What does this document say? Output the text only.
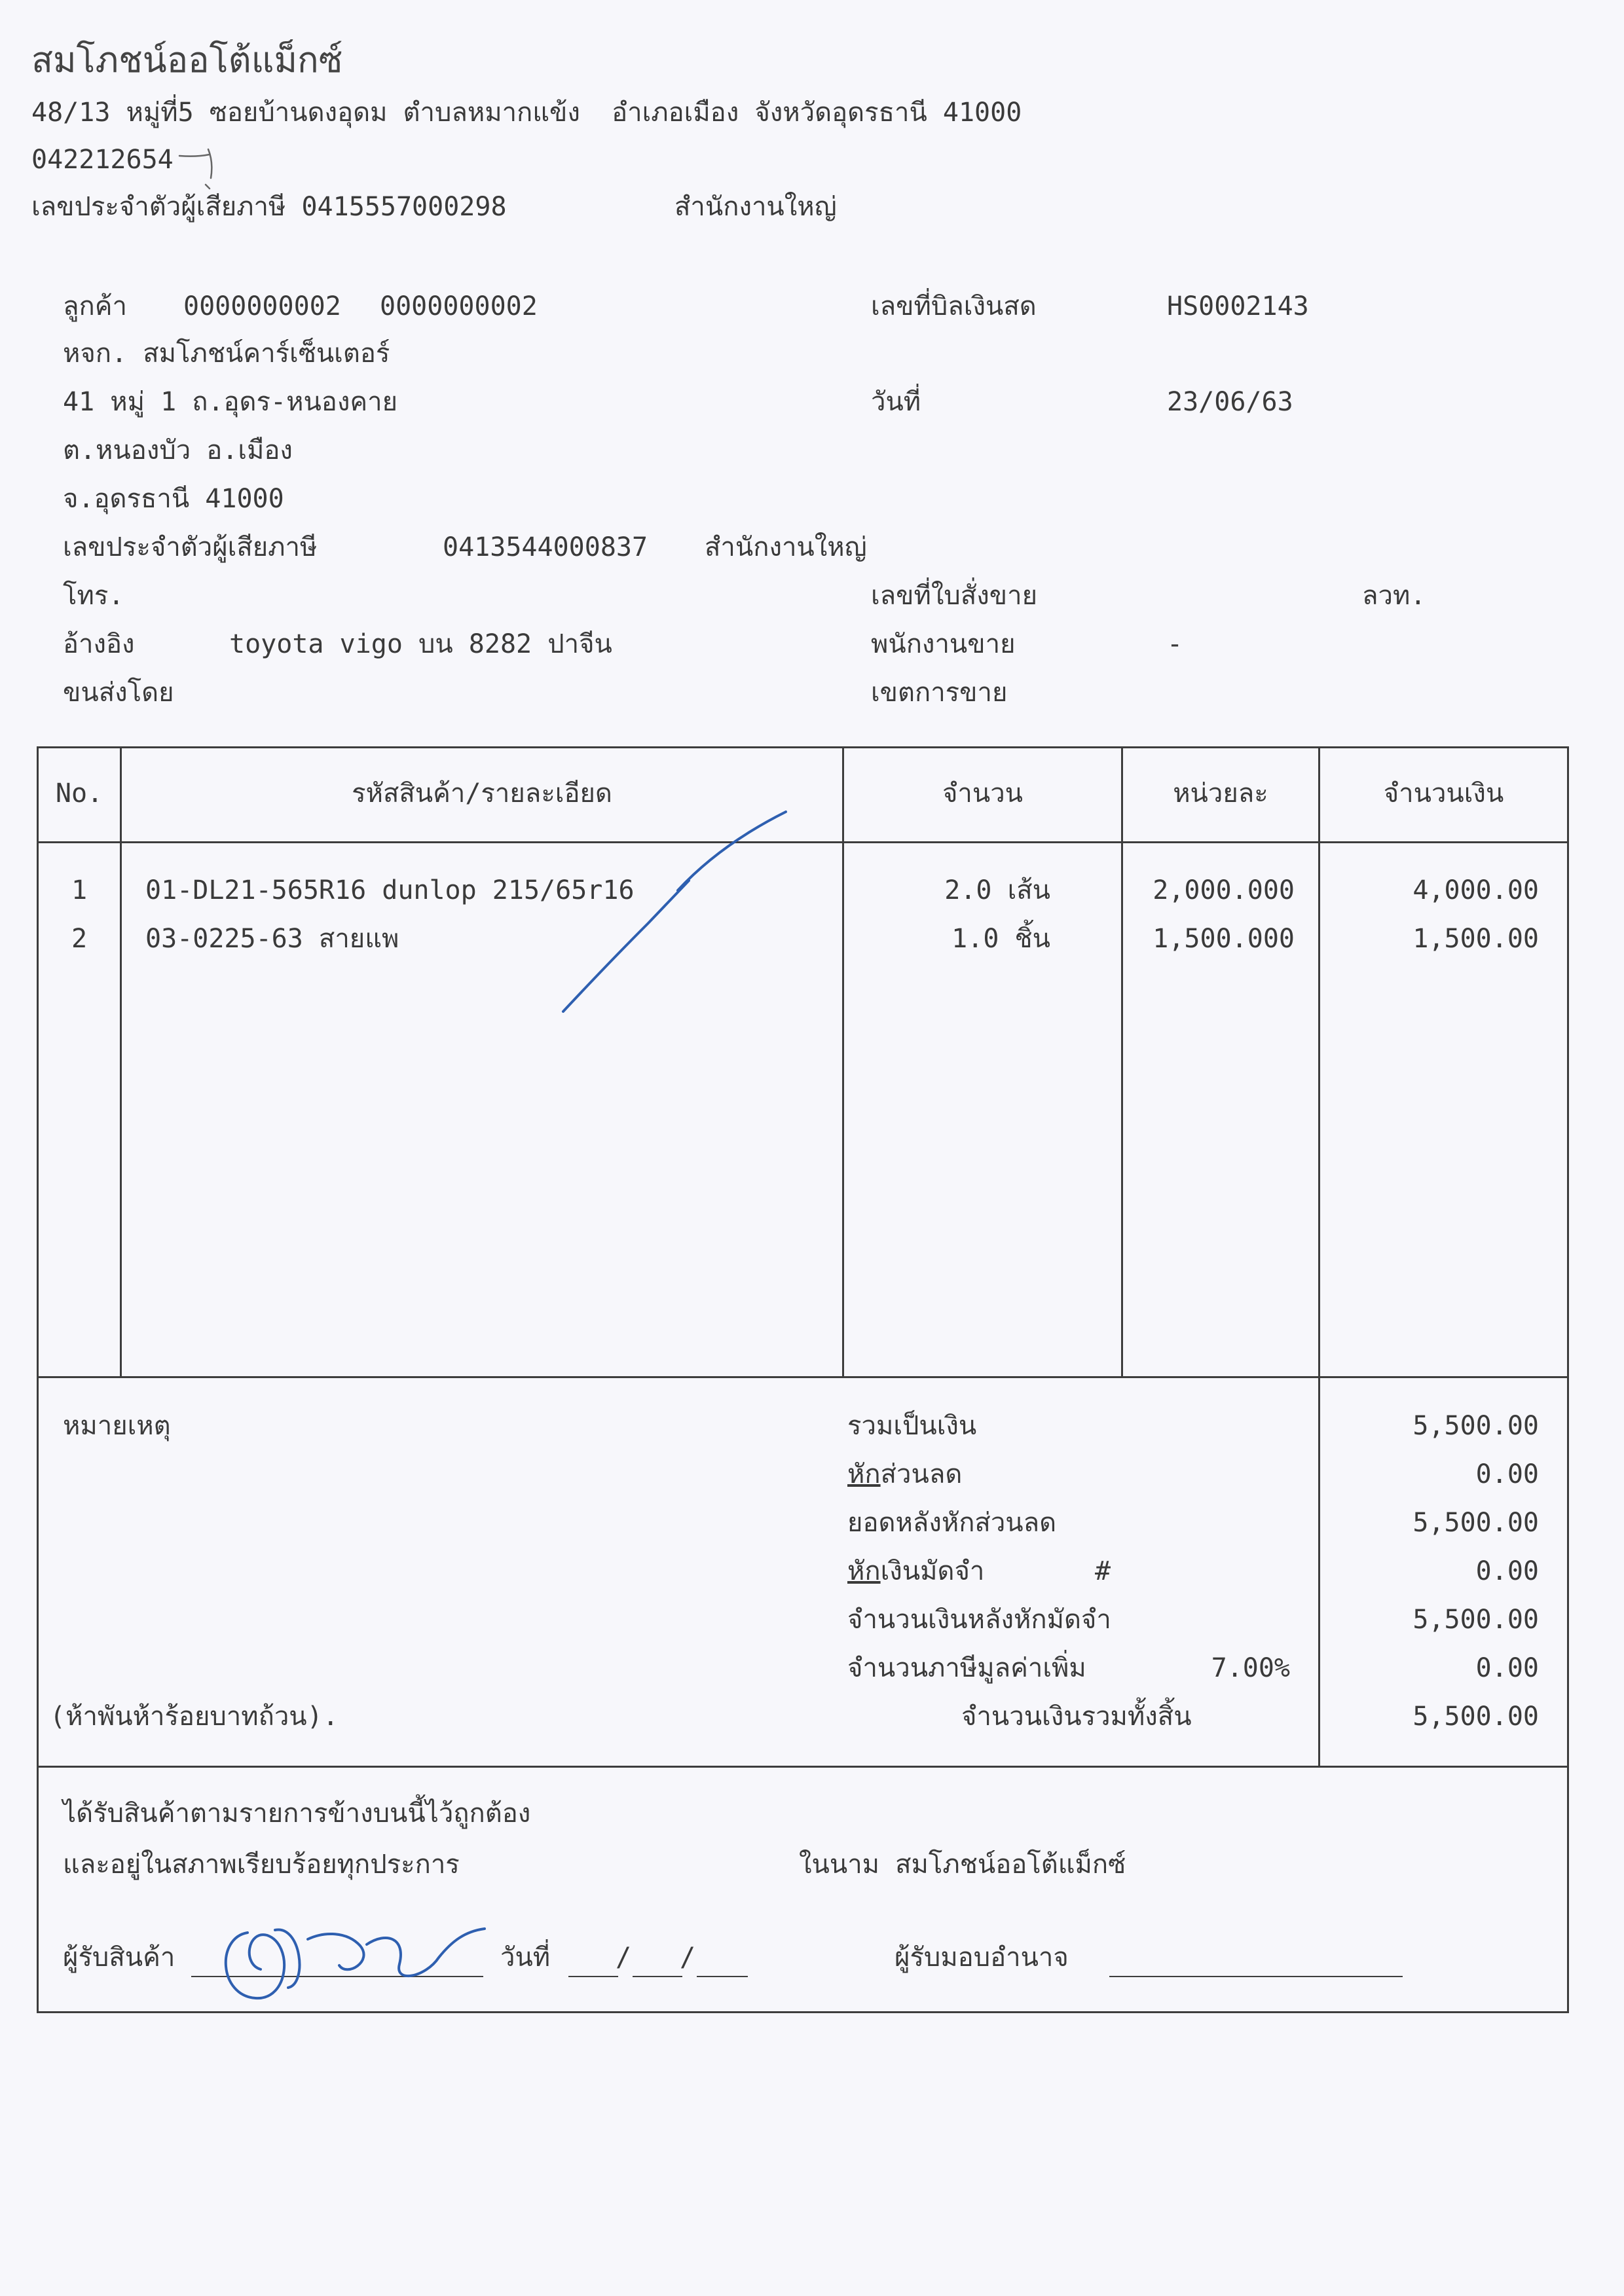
สมโภชน์ออโต้แม็กซ์
48/13 หมู่ที่5 ซอยบ้านดงอุดม ตำบลหมากแข้ง  อำเภอเมือง จังหวัดอุดรธานี 41000
042212654
เลขประจำตัวผู้เสียภาษี 0415557000298	สำนักงานใหญ่
ลูกค้า 0000000002 0000000002
หจก. สมโภชน์คาร์เซ็นเตอร์
41 หมู่ 1 ถ.อุดร-หนองคาย
ต.หนองบัว อ.เมือง
จ.อุดรธานี 41000
เลขประจำตัวผู้เสียภาษี	0413544000837 สำนักงานใหญ่
โทร.
อ้างอิง	toyota vigo บน 8282 ปาจีน
ขนส่งโดย
เลขที่บิลเงินสด	HS0002143
วันที่	23/06/63
เลขที่ใบสั่งขาย	ลวท.
พนักงานขาย	-
เขตการขาย
No.	รหัสสินค้า/รายละเอียด	จำนวน	หน่วยละ	จำนวนเงิน
1	01-DL21-565R16 dunlop 215/65r16	2.0 เส้น	2,000.000	4,000.00
2	03-0225-63 สายแพ	1.0 ชิ้น	1,500.000	1,500.00
หมายเหตุ
(ห้าพันห้าร้อยบาทถ้วน).
รวมเป็นเงิน	5,500.00
หักส่วนลด	0.00
ยอดหลังหักส่วนลด	5,500.00
หักเงินมัดจำ	#	0.00
จำนวนเงินหลังหักมัดจำ	5,500.00
จำนวนภาษีมูลค่าเพิ่ม	7.00%	0.00
จำนวนเงินรวมทั้งสิ้น	5,500.00
ได้รับสินค้าตามรายการข้างบนนี้ไว้ถูกต้อง
และอยู่ในสภาพเรียบร้อยทุกประการ	ในนาม สมโภชน์ออโต้แม็กซ์
ผู้รับสินค้า	วันที่ / /	ผู้รับมอบอำนาจ
